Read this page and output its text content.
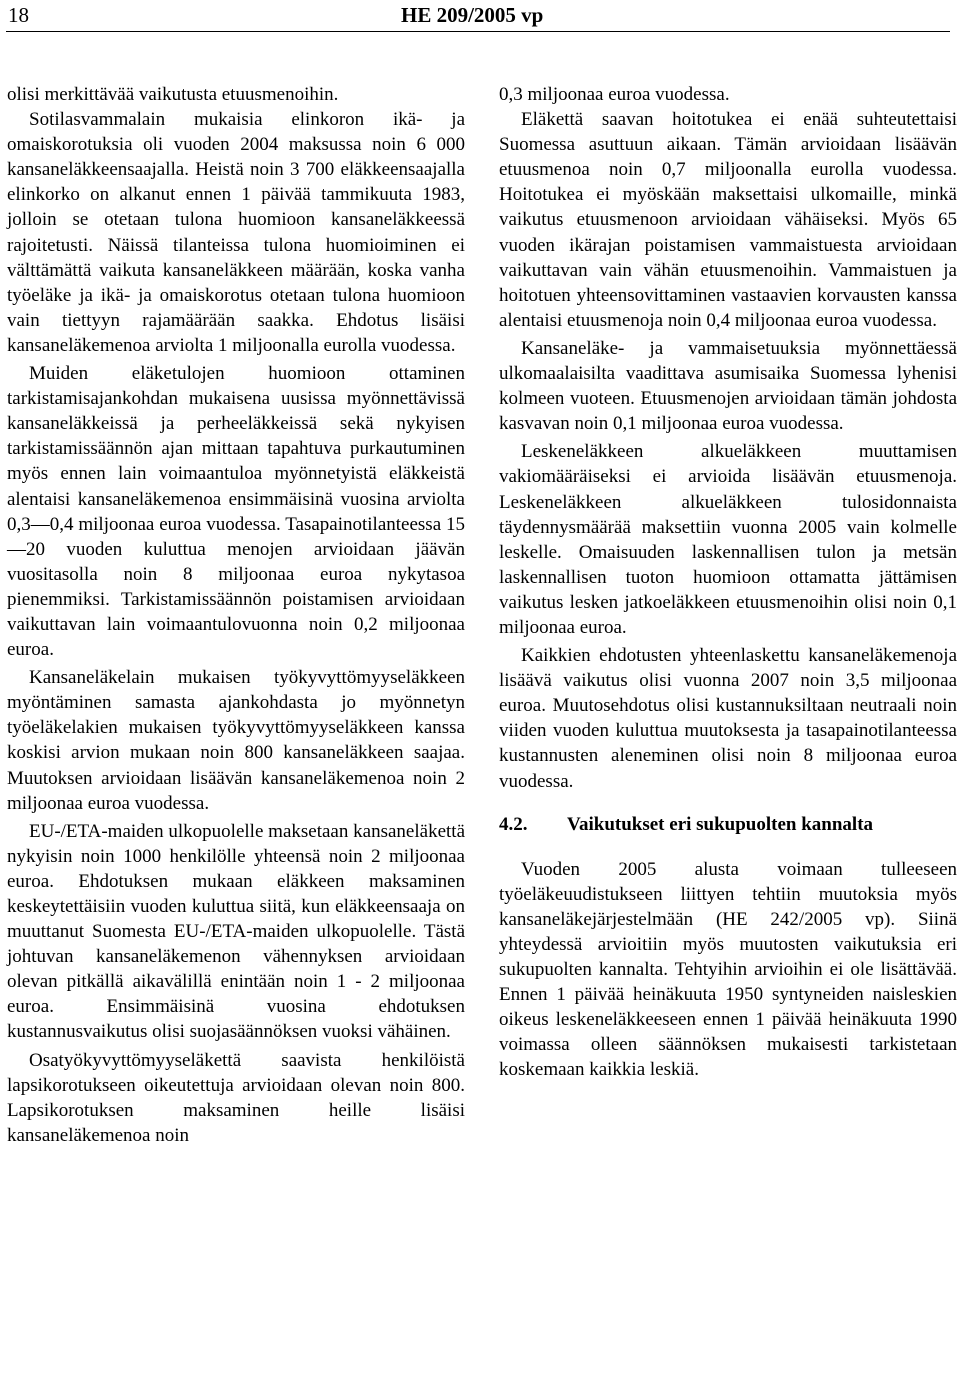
18	HE 209/2005 vp

olisi merkittävää vaikutusta etuusmenoihin.

Sotilasvammalain mukaisia elinkoron ikä- ja omaiskorotuksia oli vuoden 2004 maksussa noin 6 000 kansaneläkkeensaajalla. Heistä noin 3 700 eläkkeensaajalla elinkorko on alkanut ennen 1 päivää tammikuuta 1983, jolloin se otetaan tulona huomioon kansaneläkkeessä rajoitetusti. Näissä tilanteissa tulona huomioiminen ei välttämättä vaikuta kansaneläkkeen määrään, koska vanha työeläke ja ikä- ja omaiskorotus otetaan tulona huomioon vain tiettyyn rajamäärään saakka. Ehdotus lisäisi kansaneläkemenoa arviolta 1 miljoonalla eurolla vuodessa.

Muiden eläketulojen huomioon ottaminen tarkistamisajankohdan mukaisena uusissa myönnettävissä kansaneläkkeissä ja perheeläkkeissä sekä nykyisen tarkistamissäännön ajan mittaan tapahtuva purkautuminen myös ennen lain voimaantuloa myönnetyistä eläkkeistä alentaisi kansaneläkemenoa ensimmäisinä vuosina arviolta 0,3—0,4 miljoonaa euroa vuodessa. Tasapainotilanteessa 15—20 vuoden kuluttua menojen arvioidaan jäävän vuositasolla noin 8 miljoonaa euroa nykytasoa pienemmiksi. Tarkistamissäännön poistamisen arvioidaan vaikuttavan lain voimaantulovuonna noin 0,2 miljoonaa euroa.

Kansaneläkelain mukaisen työkyvyttömyyseläkkeen myöntäminen samasta ajankohdasta jo myönnetyn työeläkelakien mukaisen työkyvyttömyyseläkkeen kanssa koskisi arvion mukaan noin 800 kansaneläkkeen saajaa. Muutoksen arvioidaan lisäävän kansaneläkemenoa noin 2 miljoonaa euroa vuodessa.

EU-/ETA-maiden ulkopuolelle maksetaan kansaneläkettä nykyisin noin 1000 henkilölle yhteensä noin 2 miljoonaa euroa. Ehdotuksen mukaan eläkkeen maksaminen keskeytettäisiin vuoden kuluttua siitä, kun eläkkeensaaja on muuttanut Suomesta EU-/ETA-maiden ulkopuolelle. Tästä johtuvan kansaneläkemenon vähennyksen arvioidaan olevan pitkällä aikavälillä enintään noin 1 - 2 miljoonaa euroa. Ensimmäisinä vuosina ehdotuksen kustannusvaikutus olisi suojasäännöksen vuoksi vähäinen.

Osatyökyvyttömyyseläkettä saavista henkilöistä lapsikorotukseen oikeutettuja arvioidaan olevan noin 800. Lapsikorotuksen maksaminen heille lisäisi kansaneläkemenoa noin

0,3 miljoonaa euroa vuodessa.

Eläkettä saavan hoitotukea ei enää suhteutettaisi Suomessa asuttuun aikaan. Tämän arvioidaan lisäävän etuusmenoa noin 0,7 miljoonalla eurolla vuodessa. Hoitotukea ei myöskään maksettaisi ulkomaille, minkä vaikutus etuusmenoon arvioidaan vähäiseksi. Myös 65 vuoden ikärajan poistamisen vammaistuesta arvioidaan vaikuttavan vain vähän etuusmenoihin. Vammaistuen ja hoitotuen yhteensovittaminen vastaavien korvausten kanssa alentaisi etuusmenoja noin 0,4 miljoonaa euroa vuodessa.

Kansaneläke- ja vammaisetuuksia myönnettäessä ulkomaalaisilta vaadittava asumisaika Suomessa lyhenisi kolmeen vuoteen. Etuusmenojen arvioidaan tämän johdosta kasvavan noin 0,1 miljoonaa euroa vuodessa.

Leskeneläkkeen alkueläkkeen muuttamisen vakiomääräiseksi ei arvioida lisäävän etuusmenoja. Leskeneläkkeen alkueläkkeen tulosidonnaista täydennysmäärää maksettiin vuonna 2005 vain kolmelle leskelle. Omaisuuden laskennallisen tulon ja metsän laskennallisen tuoton huomioon ottamatta jättämisen vaikutus lesken jatkoeläkkeen etuusmenoihin olisi noin 0,1 miljoonaa euroa.

Kaikkien ehdotusten yhteenlaskettu kansaneläkemenoja lisäävä vaikutus olisi vuonna 2007 noin 3,5 miljoonaa euroa. Muutosehdotus olisi kustannuksiltaan neutraali noin viiden vuoden kuluttua muutoksesta ja tasapainotilanteessa kustannusten aleneminen olisi noin 8 miljoonaa euroa vuodessa.

4.2.	Vaikutukset eri sukupuolten kannalta

Vuoden 2005 alusta voimaan tulleeseen työeläkeuudistukseen liittyen tehtiin muutoksia myös kansaneläkejärjestelmään (HE 242/2005 vp). Siinä yhteydessä arvioitiin myös muutosten vaikutuksia eri sukupuolten kannalta. Tehtyihin arvioihin ei ole lisättävää. Ennen 1 päivää heinäkuuta 1950 syntyneiden naisleskien oikeus leskeneläkkeeseen ennen 1 päivää heinäkuuta 1990 voimassa olleen säännöksen mukaisesti tarkistetaan koskemaan kaikkia leskiä.
